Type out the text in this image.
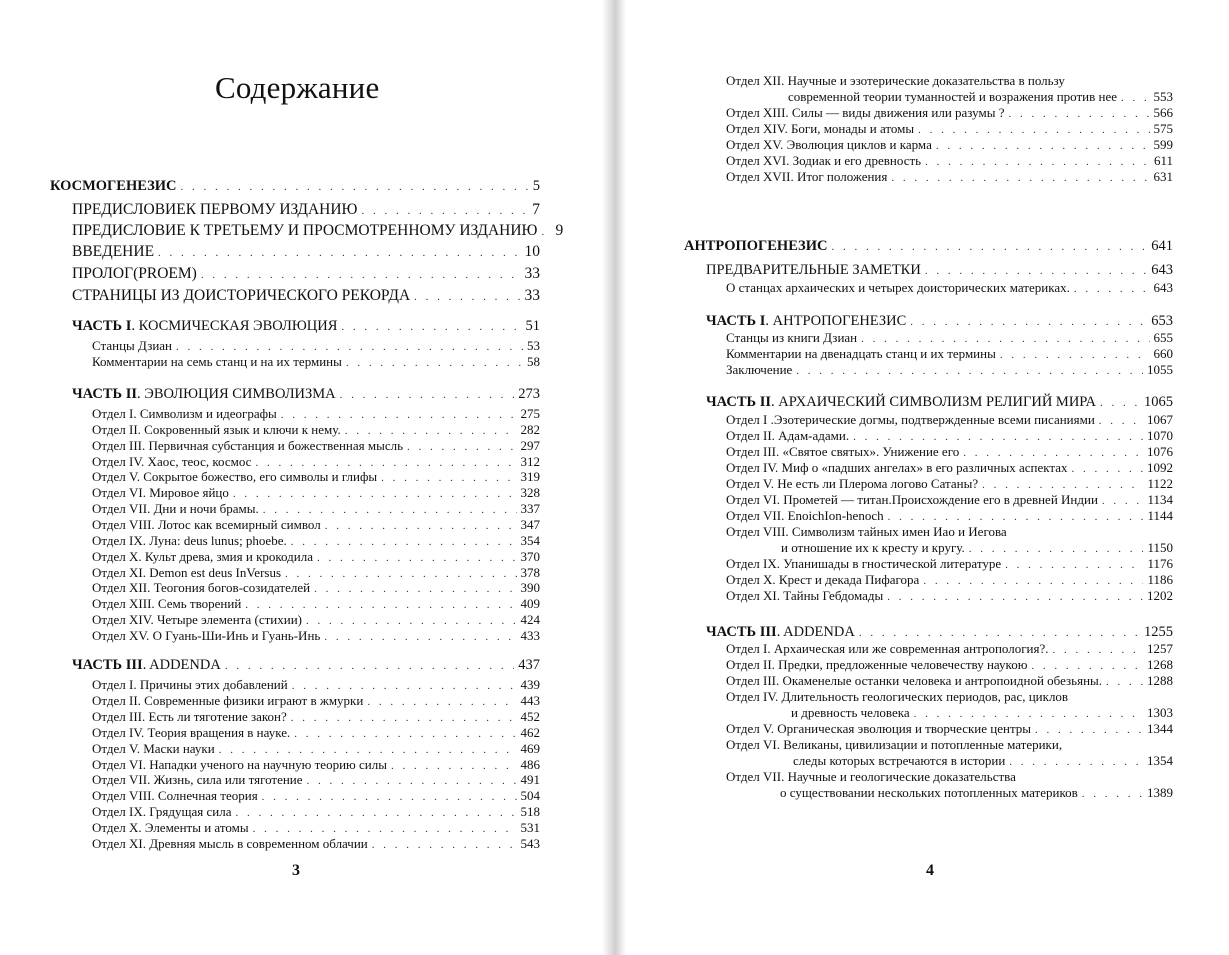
Содержание
3	4
КОСМОГЕНЕЗИС . . .	5
ПРЕДИСЛОВИЕК ПЕРВОМУ ИЗДАНИЮ . . .	7
ПРЕДИСЛОВИЕ К ТРЕТЬЕМУ И ПРОСМОТРЕННОМУ ИЗДАНИЮ . . . 9
ВВЕДЕНИЕ . . .	10
ПРОЛОГ(PROEM) . . .	33
СТРАНИЦЫ ИЗ ДОИСТОРИЧЕСКОГО РЕКОРДА . . .	33
ЧАСТЬ I. КОСМИЧЕСКАЯ ЭВОЛЮЦИЯ . . .	51
Станцы Дзиан . . .	53
Комментарии на семь станц и на их термины . . .	58
ЧАСТЬ II. ЭВОЛЮЦИЯ СИМВОЛИЗМА . . .	273
Отдел I. Символизм и идеографы . . .	275
Отдел II. Сокровенный язык и ключи к нему. . . .	282
Отдел III. Первичная субстанция и божественная мысль . . .	297
Отдел IV. Хаос, теос, космос . . .	312
Отдел V. Сокрытое божество, его символы и глифы . . .	319
Отдел VI. Мировое яйцо . . .	328
Отдел VII. Дни и ночи брамы. . . .	337
Отдел VIII. Лотос как всемирный символ . . .	347
Отдел IX. Луна: deus lunus; phoebe. . . .	354
Отдел X. Культ древа, змия и крокодила . . .	370
Отдел XI. Demon est deus InVersus . . .	378
Отдел XII. Теогония богов-созидателей . . .	390
Отдел XIII. Семь творений . . .	409
Отдел XIV. Четыре элемента (стихии) . . .	424
Отдел XV. О Гуань-Ши-Инь и Гуань-Инь . . .	433
ЧАСТЬ III. ADDENDA . . .	437
Отдел I. Причины этих добавлений . . .	439
Отдел II. Современные физики играют в жмурки . . .	443
Отдел III. Есть ли тяготение закон? . . .	452
Отдел IV. Теория вращения в науке. . . .	462
Отдел V. Маски науки . . .	469
Отдел VI. Нападки ученого на научную теорию силы . . .	486
Отдел VII. Жизнь, сила или тяготение . . .	491
Отдел VIII. Солнечная теория . . .	504
Отдел IX. Грядущая сила . . .	518
Отдел X. Элементы и атомы . . .	531
Отдел XI. Древняя мысль в современном облачии . . .	543
Отдел XII. Научные и эзотерические доказательства в пользу
современной теории туманностей и возражения против нее . . .	553
Отдел XIII. Силы — виды движения или разумы ? . . .	566
Отдел XIV. Боги, монады и атомы . . .	575
Отдел XV. Эволюция циклов и карма . . .	599
Отдел XVI. Зодиак и его древность . . .	611
Отдел XVII. Итог положения . . .	631
АНТРОПОГЕНЕЗИС . . .	641
ПРЕДВАРИТЕЛЬНЫЕ ЗАМЕТКИ . . .	643
О станцах архаических и четырех доисторических материках. . . .	643
ЧАСТЬ I. АНТРОПОГЕНЕЗИС . . .	653
Станцы из книги Дзиан . . .	655
Комментарии на двенадцать станц и их термины . . .	660
Заключение . . .	1055
ЧАСТЬ II. АРХАИЧЕСКИЙ СИМВОЛИЗМ РЕЛИГИЙ МИРА . . .	1065
Отдел I .Эзотерические догмы, подтвержденные всеми писаниями . . .	1067
Отдел II. Адам-адами. . . .	1070
Отдел III. «Святое святых». Унижение его . . .	1076
Отдел IV. Миф о «падших ангелах» в его различных аспектах . . .	1092
Отдел V. Не есть ли Плерома логово Сатаны? . . .	1122
Отдел VI. Прометей — титан.Происхождение его в древней Индии . . .	1134
Отдел VII. EnoichIon-henoch . . .	1144
Отдел VIII. Символизм тайных имен Иао и Иегова
и отношение их к кресту и кругу. . . .	1150
Отдел IX. Упанишады в гностической литературе . . .	1176
Отдел X. Крест и декада Пифагора . . .	1186
Отдел XI. Тайны Гебдомады . . .	1202
ЧАСТЬ III. ADDENDA . . .	1255
Отдел I. Архаическая или же современная антропология?. . . .	1257
Отдел II. Предки, предложенные человечеству наукою . . .	1268
Отдел III. Окаменелые останки человека и антропоидной обезьяны. . . .	1288
Отдел IV. Длительность геологических периодов, рас, циклов
и древность человека . . .	1303
Отдел V. Органическая эволюция и творческие центры . . .	1344
Отдел VI. Великаны, цивилизации и потопленные материки,
следы которых встречаются в истории . . .	1354
Отдел VII. Научные и геологические доказательства
о существовании нескольких потопленных материков . . .	1389
